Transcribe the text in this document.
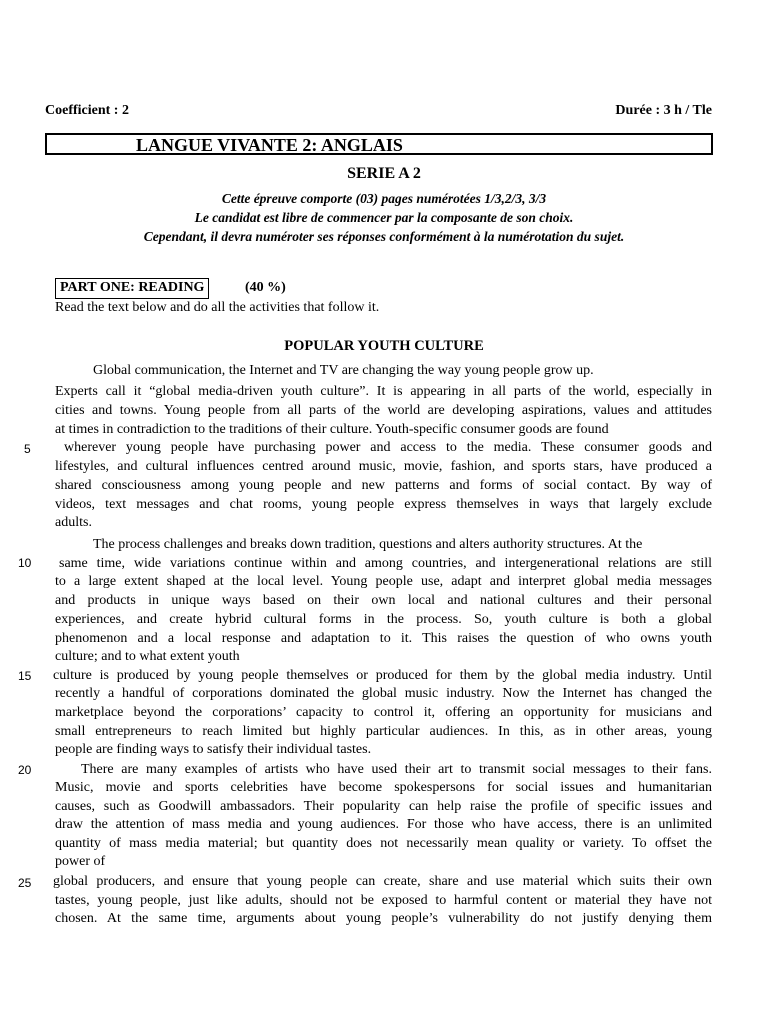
Coefficient : 2	Durée : 3 h / Tle
LANGUE VIVANTE 2: ANGLAIS
SERIE A 2
Cette épreuve comporte (03) pages numérotées 1/3,2/3, 3/3
Le candidat est libre de commencer par la composante de son choix.
Cependant, il devra numéroter ses réponses conformément à la numérotation du sujet.
PART ONE: READING	(40 %)
Read the text below and do all the activities that follow it.
POPULAR YOUTH CULTURE
5
10
15
20
25
Global communication, the Internet and TV are changing the way young people grow up.
Experts call it “global media-driven youth culture”. It is appearing in all parts of the world, especially in
cities and towns. Young people from all parts of the world are developing aspirations, values and attitudes
at times in contradiction to the traditions of their culture. Youth-specific consumer goods are found
wherever young people have purchasing power and access to the media. These consumer goods and
lifestyles, and cultural influences centred around music, movie, fashion, and sports stars, have produced a
shared consciousness among young people and new patterns and forms of social contact. By way of
videos, text messages and chat rooms, young people express themselves in ways that largely exclude
adults.
The process challenges and breaks down tradition, questions and alters authority structures. At the
same time, wide variations continue within and among countries, and intergenerational relations are still
to a large extent shaped at the local level. Young people use, adapt and interpret global media messages
and products in unique ways based on their own local and national cultures and their personal
experiences, and create hybrid cultural forms in the process. So, youth culture is both a global
phenomenon and a local response and adaptation to it. This raises the question of who owns youth
culture; and to what extent youth
culture is produced by young people themselves or produced for them by the global media industry. Until
recently a handful of corporations dominated the global music industry. Now the Internet has changed the
marketplace beyond the corporations’ capacity to control it, offering an opportunity for musicians and
small entrepreneurs to reach limited but highly particular audiences. In this, as in other areas, young
people are finding ways to satisfy their individual tastes.
There are many examples of artists who have used their art to transmit social messages to their fans.
Music, movie and sports celebrities have become spokespersons for social issues and humanitarian
causes, such as Goodwill ambassadors. Their popularity can help raise the profile of specific issues and
draw the attention of mass media and young audiences. For those who have access, there is an unlimited
quantity of mass media material; but quantity does not necessarily mean quality or variety. To offset the
power of
global producers, and ensure that young people can create, share and use material which suits their own
tastes, young people, just like adults, should not be exposed to harmful content or material they have not
chosen. At the same time, arguments about young people’s vulnerability do not justify denying them
